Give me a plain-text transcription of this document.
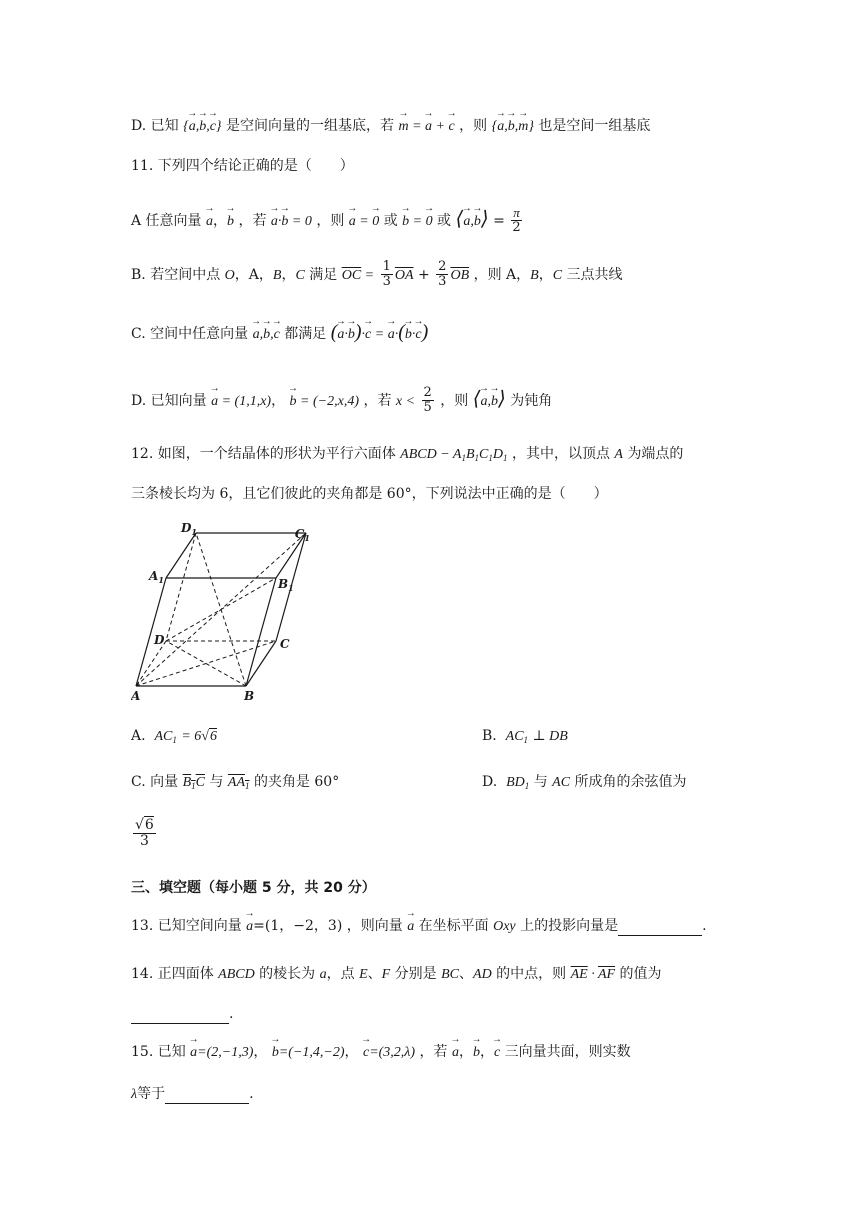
D. 已知 {→ a,→ b,→ c} 是空间向量的一组基底，若 → m = → a + → c ，则 {→ a,→ b,→ m} 也是空间一组基底
11. 下列四个结论正确的是（　　）
A 任意向量 → a，→ b ，若 → a·→ b = 0 ，则 → a = → 0 或 → b = → 0 或 ⟨→ a,→ b⟩ = $\frac{\pi}{2}$
B. 若空间中点 O，A，B，C 满足 $\overline{OC} = \frac{1}{3} \overline{OA} + \frac{2}{3} \overline{OB}$ ，则 A，B，C 三点共线
C. 空间中任意向量 → a,→ b,→ c 都满足 (→ a·→ b)·→ c = → a·(→ b·→ c)
D. 已知向量 → a = (1,1,x)， → b = (−2,x,4) ，若 $x < \frac{2}{5}$ ，则 ⟨→ a,→ b⟩ 为钝角
12. 如图，一个结晶体的形状为平行六面体 ABCD − $A_1B_1C_1D_1$ ，其中，以顶点 A 为端点的
三条棱长均为 6，且它们彼此的夹角都是 60°，下列说法中正确的是（　　）
$D_1$	$C_1$
$A_1$	$B_1$
D	C
A	B
A. $AC_1 = 6√6$	B. $AC_1$ ⊥ DB
C. 向量 $B_1C$ 与 $AA_1$ 的夹角是 60°	D. $BD_1$ 与 AC 所成角的余弦值为
$\frac{√6}{3}$
三、填空题（每小题 5 分，共 20 分）
13. 已知空间向量 → a=(1，−2，3) ，则向量 → a 在坐标平面 Oxy 上的投影向量是	.
14. 正四面体 ABCD 的棱长为 a，点 E、F 分别是 BC、AD 的中点，则 $\overline{AE} \cdot \overline{AF}$ 的值为
.
15. 已知 → a=(2,−1,3)， → b=(−1,4,−2)， → c=(3,2,λ) ，若 → a，→ b，→ c 三向量共面，则实数
λ等于	.
